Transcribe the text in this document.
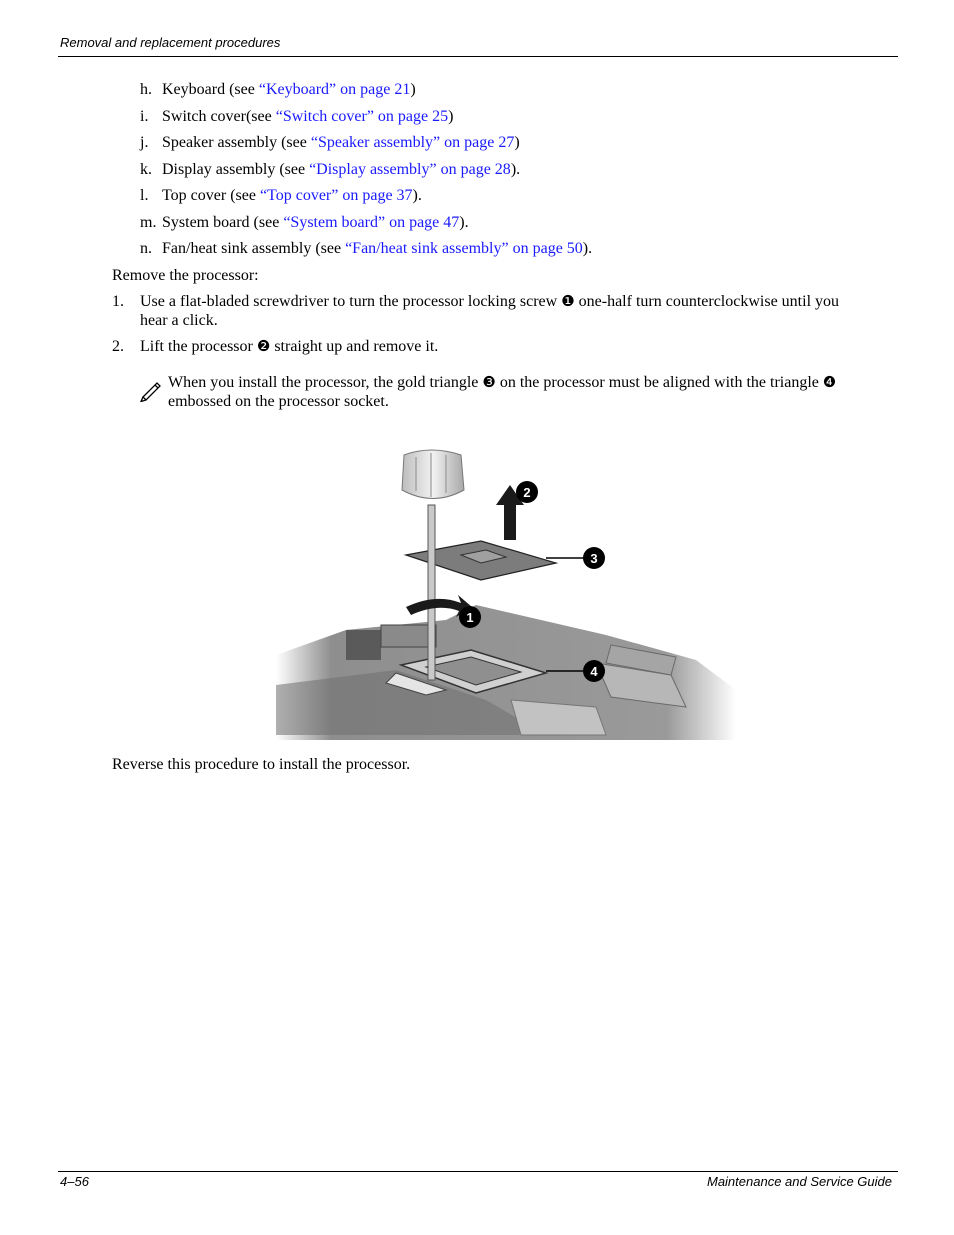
Removal and replacement procedures
h. Keyboard (see “Keyboard” on page 21)
i. Switch cover(see “Switch cover” on page 25)
j. Speaker assembly (see “Speaker assembly” on page 27)
k. Display assembly (see “Display assembly” on page 28).
l. Top cover (see “Top cover” on page 37).
m. System board (see “System board” on page 47).
n. Fan/heat sink assembly (see “Fan/heat sink assembly” on page 50).
Remove the processor:
1. Use a flat-bladed screwdriver to turn the processor locking screw ❶ one-half turn counterclockwise until you
hear a click.
2. Lift the processor ❷ straight up and remove it.
When you install the processor, the gold triangle ❸ on the processor must be aligned with the triangle ❹
embossed on the processor socket.
1
2
3
4
Reverse this procedure to install the processor.
4–56	Maintenance and Service Guide
